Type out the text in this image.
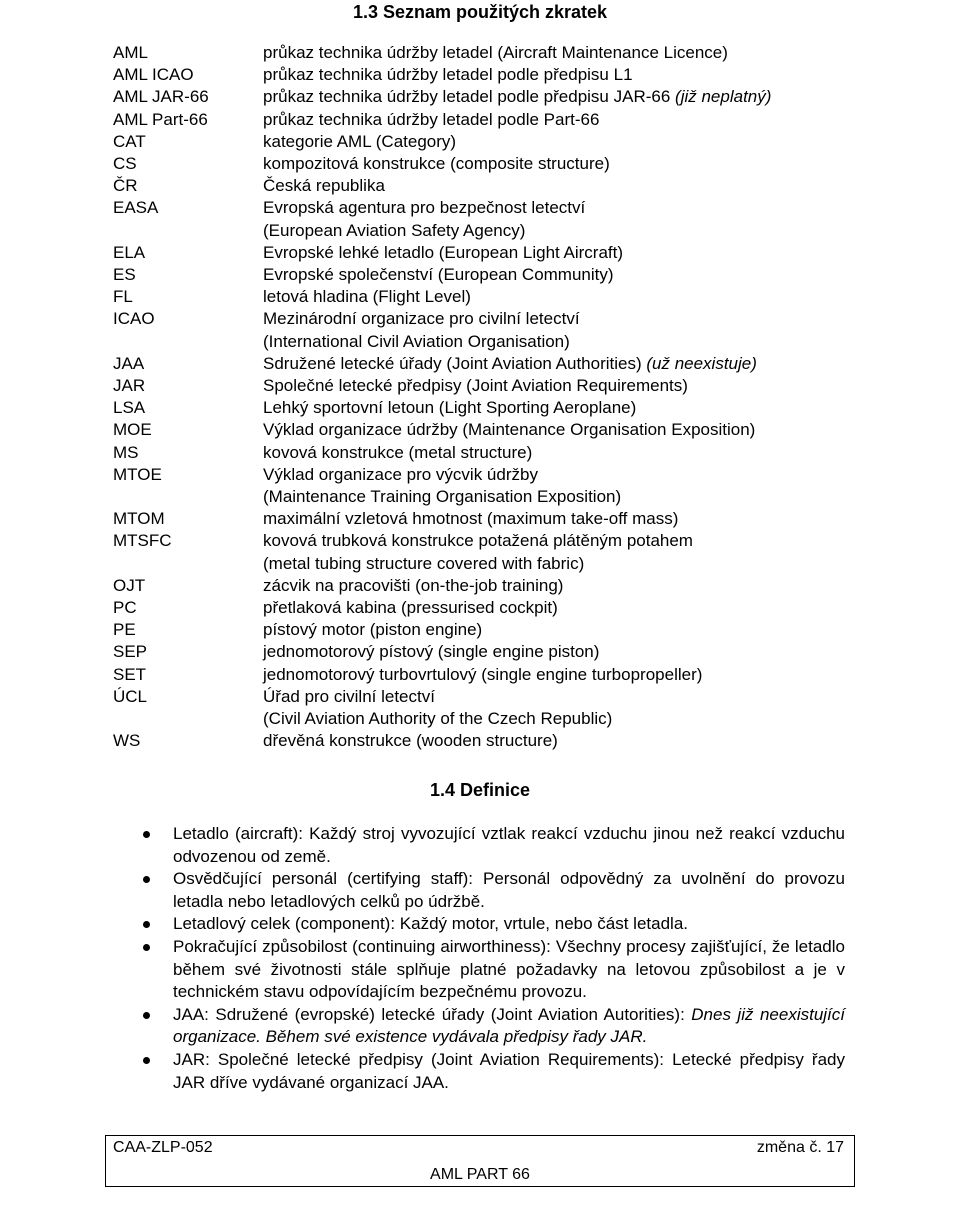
1.3 Seznam použitých zkratek
AML	průkaz technika údržby letadel (Aircraft Maintenance Licence)
AML ICAO	průkaz technika údržby letadel podle předpisu L1
AML JAR-66	průkaz technika údržby letadel podle předpisu JAR-66 (již neplatný)
AML Part-66	průkaz technika údržby letadel podle Part-66
CAT	kategorie AML (Category)
CS	kompozitová konstrukce (composite structure)
ČR	Česká republika
EASA	Evropská agentura pro bezpečnost letectví
(European Aviation Safety Agency)
ELA	Evropské lehké letadlo (European Light Aircraft)
ES	Evropské společenství (European Community)
FL	letová hladina (Flight Level)
ICAO	Mezinárodní organizace pro civilní letectví
(International Civil Aviation Organisation)
JAA	Sdružené letecké úřady (Joint Aviation Authorities) (už neexistuje)
JAR	Společné letecké předpisy (Joint Aviation Requirements)
LSA	Lehký sportovní letoun (Light Sporting Aeroplane)
MOE	Výklad organizace údržby (Maintenance Organisation Exposition)
MS	kovová konstrukce (metal structure)
MTOE	Výklad organizace pro výcvik údržby
(Maintenance Training Organisation Exposition)
MTOM	maximální vzletová hmotnost (maximum take-off mass)
MTSFC	kovová trubková konstrukce potažená plátěným potahem
(metal tubing structure covered with fabric)
OJT	zácvik na pracovišti (on-the-job training)
PC	přetlaková kabina (pressurised cockpit)
PE	pístový motor (piston engine)
SEP	jednomotorový pístový (single engine piston)
SET	jednomotorový turbovrtulový (single engine turbopropeller)
ÚCL	Úřad pro civilní letectví
(Civil Aviation Authority of the Czech Republic)
WS	dřevěná konstrukce (wooden structure)
1.4 Definice
Letadlo (aircraft): Každý stroj vyvozující vztlak reakcí vzduchu jinou než reakcí vzduchu odvozenou od země.
Osvědčující personál (certifying staff): Personál odpovědný za uvolnění do provozu letadla nebo letadlových celků po údržbě.
Letadlový celek (component): Každý motor, vrtule, nebo část letadla.
Pokračující způsobilost (continuing airworthiness): Všechny procesy zajišťující, že letadlo během své životnosti stále splňuje platné požadavky na letovou způsobilost a je v technickém stavu odpovídajícím bezpečnému provozu.
JAA: Sdružené (evropské) letecké úřady (Joint Aviation Autorities): Dnes již neexistující organizace. Během své existence vydávala předpisy řady JAR.
JAR: Společné letecké předpisy (Joint Aviation Requirements): Letecké předpisy řady JAR dříve vydávané organizací JAA.
CAA-ZLP-052	změna č. 17
AML PART 66
